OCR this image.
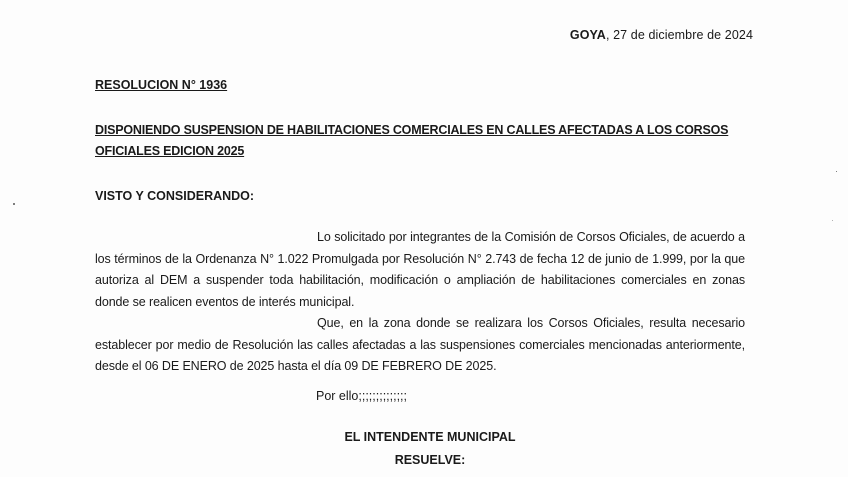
GOYA, 27 de diciembre de 2024
RESOLUCION N° 1936
DISPONIENDO SUSPENSION DE HABILITACIONES COMERCIALES EN CALLES AFECTADAS A LOS CORSOS OFICIALES EDICION 2025
VISTO Y CONSIDERANDO:

Lo solicitado por integrantes de la Comisión de Corsos Oficiales, de acuerdo a los términos de la Ordenanza N° 1.022 Promulgada por Resolución N° 2.743 de fecha 12 de junio de 1.999, por la que autoriza al DEM a suspender toda habilitación, modificación o ampliación de habilitaciones comerciales en zonas donde se realicen eventos de interés municipal.

Que, en la zona donde se realizara los Corsos Oficiales, resulta necesario establecer por medio de Resolución las calles afectadas a las suspensiones comerciales mencionadas anteriormente, desde el 06 DE ENERO de 2025 hasta el día 09 DE FEBRERO DE 2025.

Por ello;;;;;;;;;;;;;;
EL INTENDENTE MUNICIPAL
RESUELVE:
